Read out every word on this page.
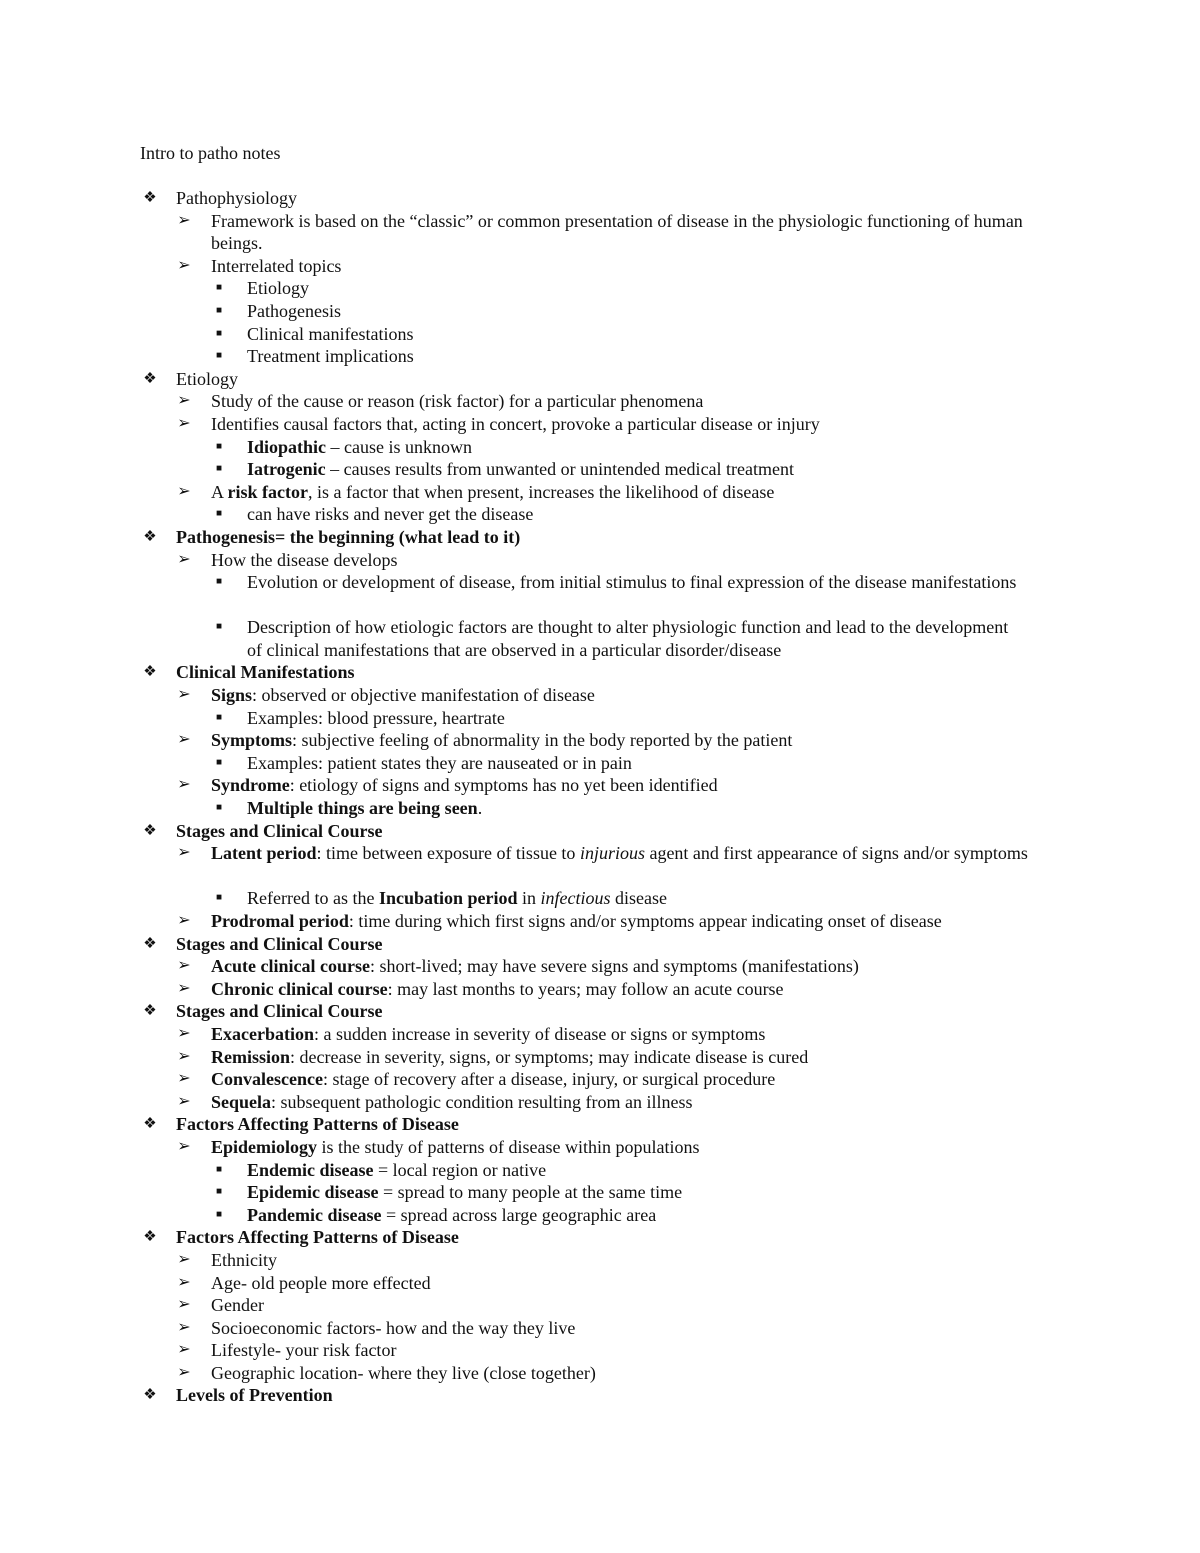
Intro to patho notes
❖ Pathophysiology
➢ Framework is based on the “classic” or common presentation of disease in the physiologic functioning of human beings.
➢ Interrelated topics
■	Etiology
■	Pathogenesis
■	Clinical manifestations
■	Treatment implications
❖ Etiology
➢ Study of the cause or reason (risk factor) for a particular phenomena
➢ Identifies causal factors that, acting in concert, provoke a particular disease or injury
■	Idiopathic – cause is unknown
■	Iatrogenic – causes results from unwanted or unintended medical treatment
➢ A risk factor, is a factor that when present, increases the likelihood of disease
■	can have risks and never get the disease
❖ Pathogenesis= the beginning (what lead to it)
➢ How the disease develops
■	Evolution or development of disease, from initial stimulus to final expression of the disease manifestations
■	Description of how etiologic factors are thought to alter physiologic function and lead to the development of clinical manifestations that are observed in a particular disorder/disease
❖ Clinical Manifestations
➢ Signs: observed or objective manifestation of disease
■	Examples: blood pressure, heartrate
➢ Symptoms: subjective feeling of abnormality in the body reported by the patient
■	Examples: patient states they are nauseated or in pain
➢ Syndrome: etiology of signs and symptoms has no yet been identified
■	Multiple things are being seen.
❖ Stages and Clinical Course
➢ Latent period: time between exposure of tissue to injurious agent and first appearance of signs and/or symptoms
■	Referred to as the Incubation period in infectious disease
➢ Prodromal period: time during which first signs and/or symptoms appear indicating onset of disease
❖ Stages and Clinical Course
➢ Acute clinical course: short-lived; may have severe signs and symptoms (manifestations)
➢ Chronic clinical course: may last months to years; may follow an acute course
❖ Stages and Clinical Course
➢ Exacerbation: a sudden increase in severity of disease or signs or symptoms
➢ Remission: decrease in severity, signs, or symptoms; may indicate disease is cured
➢ Convalescence: stage of recovery after a disease, injury, or surgical procedure
➢ Sequela: subsequent pathologic condition resulting from an illness
❖ Factors Affecting Patterns of Disease
➢ Epidemiology is the study of patterns of disease within populations
■	Endemic disease = local region or native
■	Epidemic disease = spread to many people at the same time
■	Pandemic disease = spread across large geographic area
❖ Factors Affecting Patterns of Disease
➢ Ethnicity
➢ Age- old people more effected
➢ Gender
➢ Socioeconomic factors- how and the way they live
➢ Lifestyle- your risk factor
➢ Geographic location- where they live (close together)
❖ Levels of Prevention
